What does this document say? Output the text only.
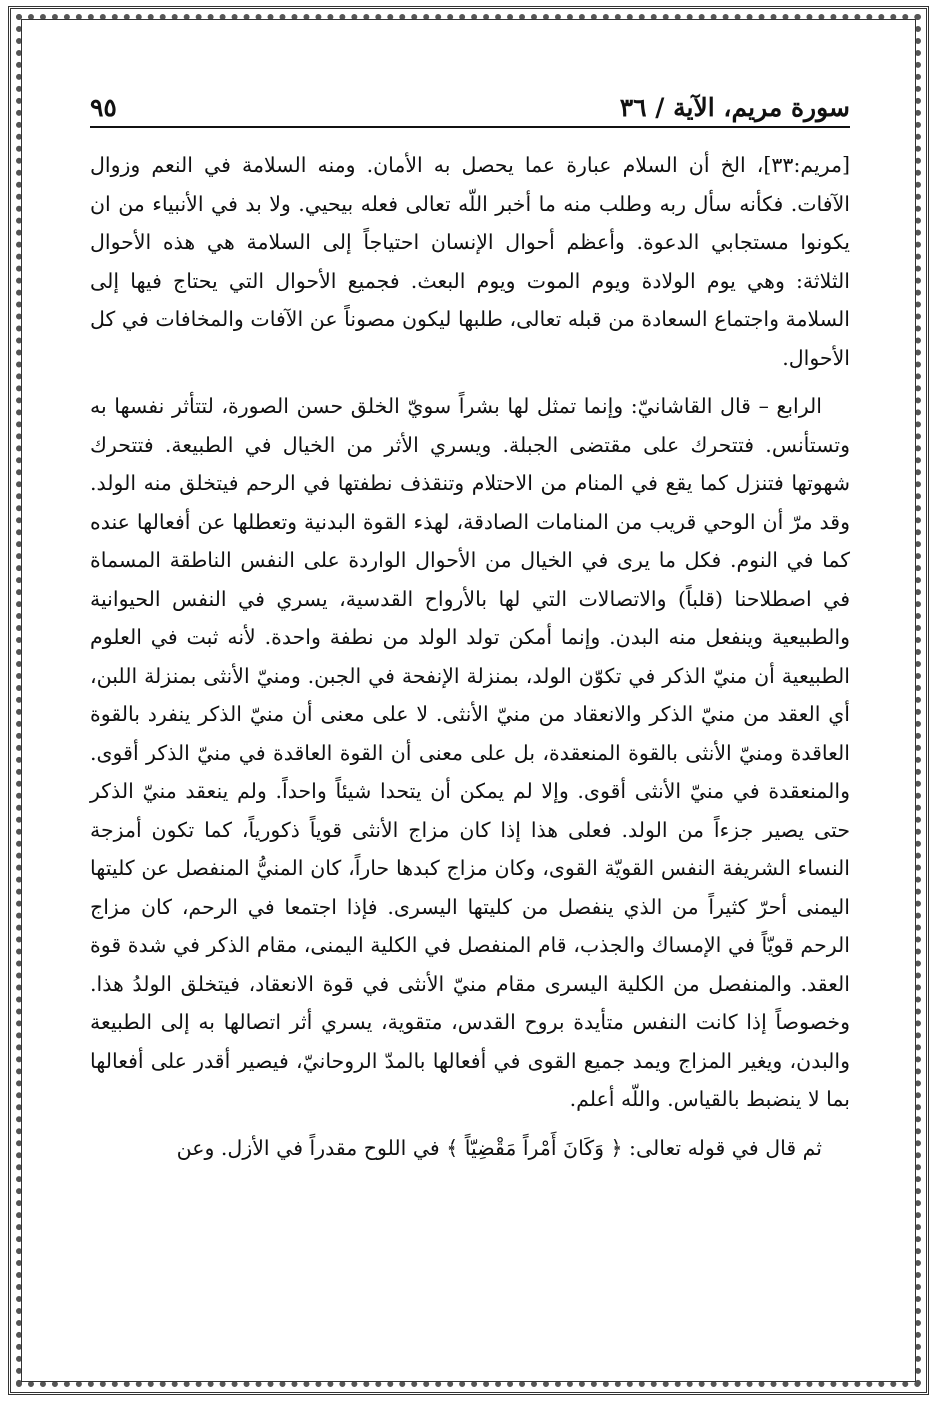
سورة مريم، الآية / ٣٦
٩٥

[مريم:٣٣]، الخ أن السلام عبارة عما يحصل به الأمان. ومنه السلامة في النعم وزوال الآفات. فكأنه سأل ربه وطلب منه ما أخبر اللّه تعالى فعله بيحيي. ولا بد في الأنبياء من ان يكونوا مستجابي الدعوة. وأعظم أحوال الإنسان احتياجاً إلى السلامة هي هذه الأحوال الثلاثة: وهي يوم الولادة ويوم الموت ويوم البعث. فجميع الأحوال التي يحتاج فيها إلى السلامة واجتماع السعادة من قبله تعالى، طلبها ليكون مصوناً عن الآفات والمخافات في كل الأحوال.

الرابع – قال القاشانيّ: وإنما تمثل لها بشراً سويّ الخلق حسن الصورة، لتتأثر نفسها به وتستأنس. فتتحرك على مقتضى الجبلة. ويسري الأثر من الخيال في الطبيعة. فتتحرك شهوتها فتنزل كما يقع في المنام من الاحتلام وتنقذف نطفتها في الرحم فيتخلق منه الولد. وقد مرّ أن الوحي قريب من المنامات الصادقة، لهذء القوة البدنية وتعطلها عن أفعالها عنده كما في النوم. فكل ما يرى في الخيال من الأحوال الواردة على النفس الناطقة المسماة في اصطلاحنا (قلباً) والاتصالات التي لها بالأرواح القدسية، يسري في النفس الحيوانية والطبيعية وينفعل منه البدن. وإنما أمكن تولد الولد من نطفة واحدة. لأنه ثبت في العلوم الطبيعية أن منيّ الذكر في تكوّن الولد، بمنزلة الإنفحة في الجبن. ومنيّ الأنثى بمنزلة اللبن، أي العقد من منيّ الذكر والانعقاد من منيّ الأنثى. لا على معنى أن منيّ الذكر ينفرد بالقوة العاقدة ومنيّ الأنثى بالقوة المنعقدة، بل على معنى أن القوة العاقدة في منيّ الذكر أقوى. والمنعقدة في منيّ الأنثى أقوى. وإلا لم يمكن أن يتحدا شيئاً واحداً. ولم ينعقد منيّ الذكر حتى يصير جزءاً من الولد. فعلى هذا إذا كان مزاج الأنثى قوياً ذكورياً، كما تكون أمزجة النساء الشريفة النفس القويّة القوى، وكان مزاج كبدها حاراً، كان المنيُّ المنفصل عن كليتها اليمنى أحرّ كثيراً من الذي ينفصل من كليتها اليسرى. فإذا اجتمعا في الرحم، كان مزاج الرحم قويّاً في الإمساك والجذب، قام المنفصل في الكلية اليمنى، مقام الذكر في شدة قوة العقد. والمنفصل من الكلية اليسرى مقام منيّ الأنثى في قوة الانعقاد، فيتخلق الولدُ هذا. وخصوصاً إذا كانت النفس متأيدة بروح القدس، متقوية، يسري أثر اتصالها به إلى الطبيعة والبدن، ويغير المزاج ويمد جميع القوى في أفعالها بالمدّ الروحانيّ، فيصير أقدر على أفعالها بما لا ينضبط بالقياس. واللّه أعلم.

ثم قال في قوله تعالى: ﴿ وَكَانَ أَمْراً مَقْضِيّاً ﴾ في اللوح مقدراً في الأزل. وعن
